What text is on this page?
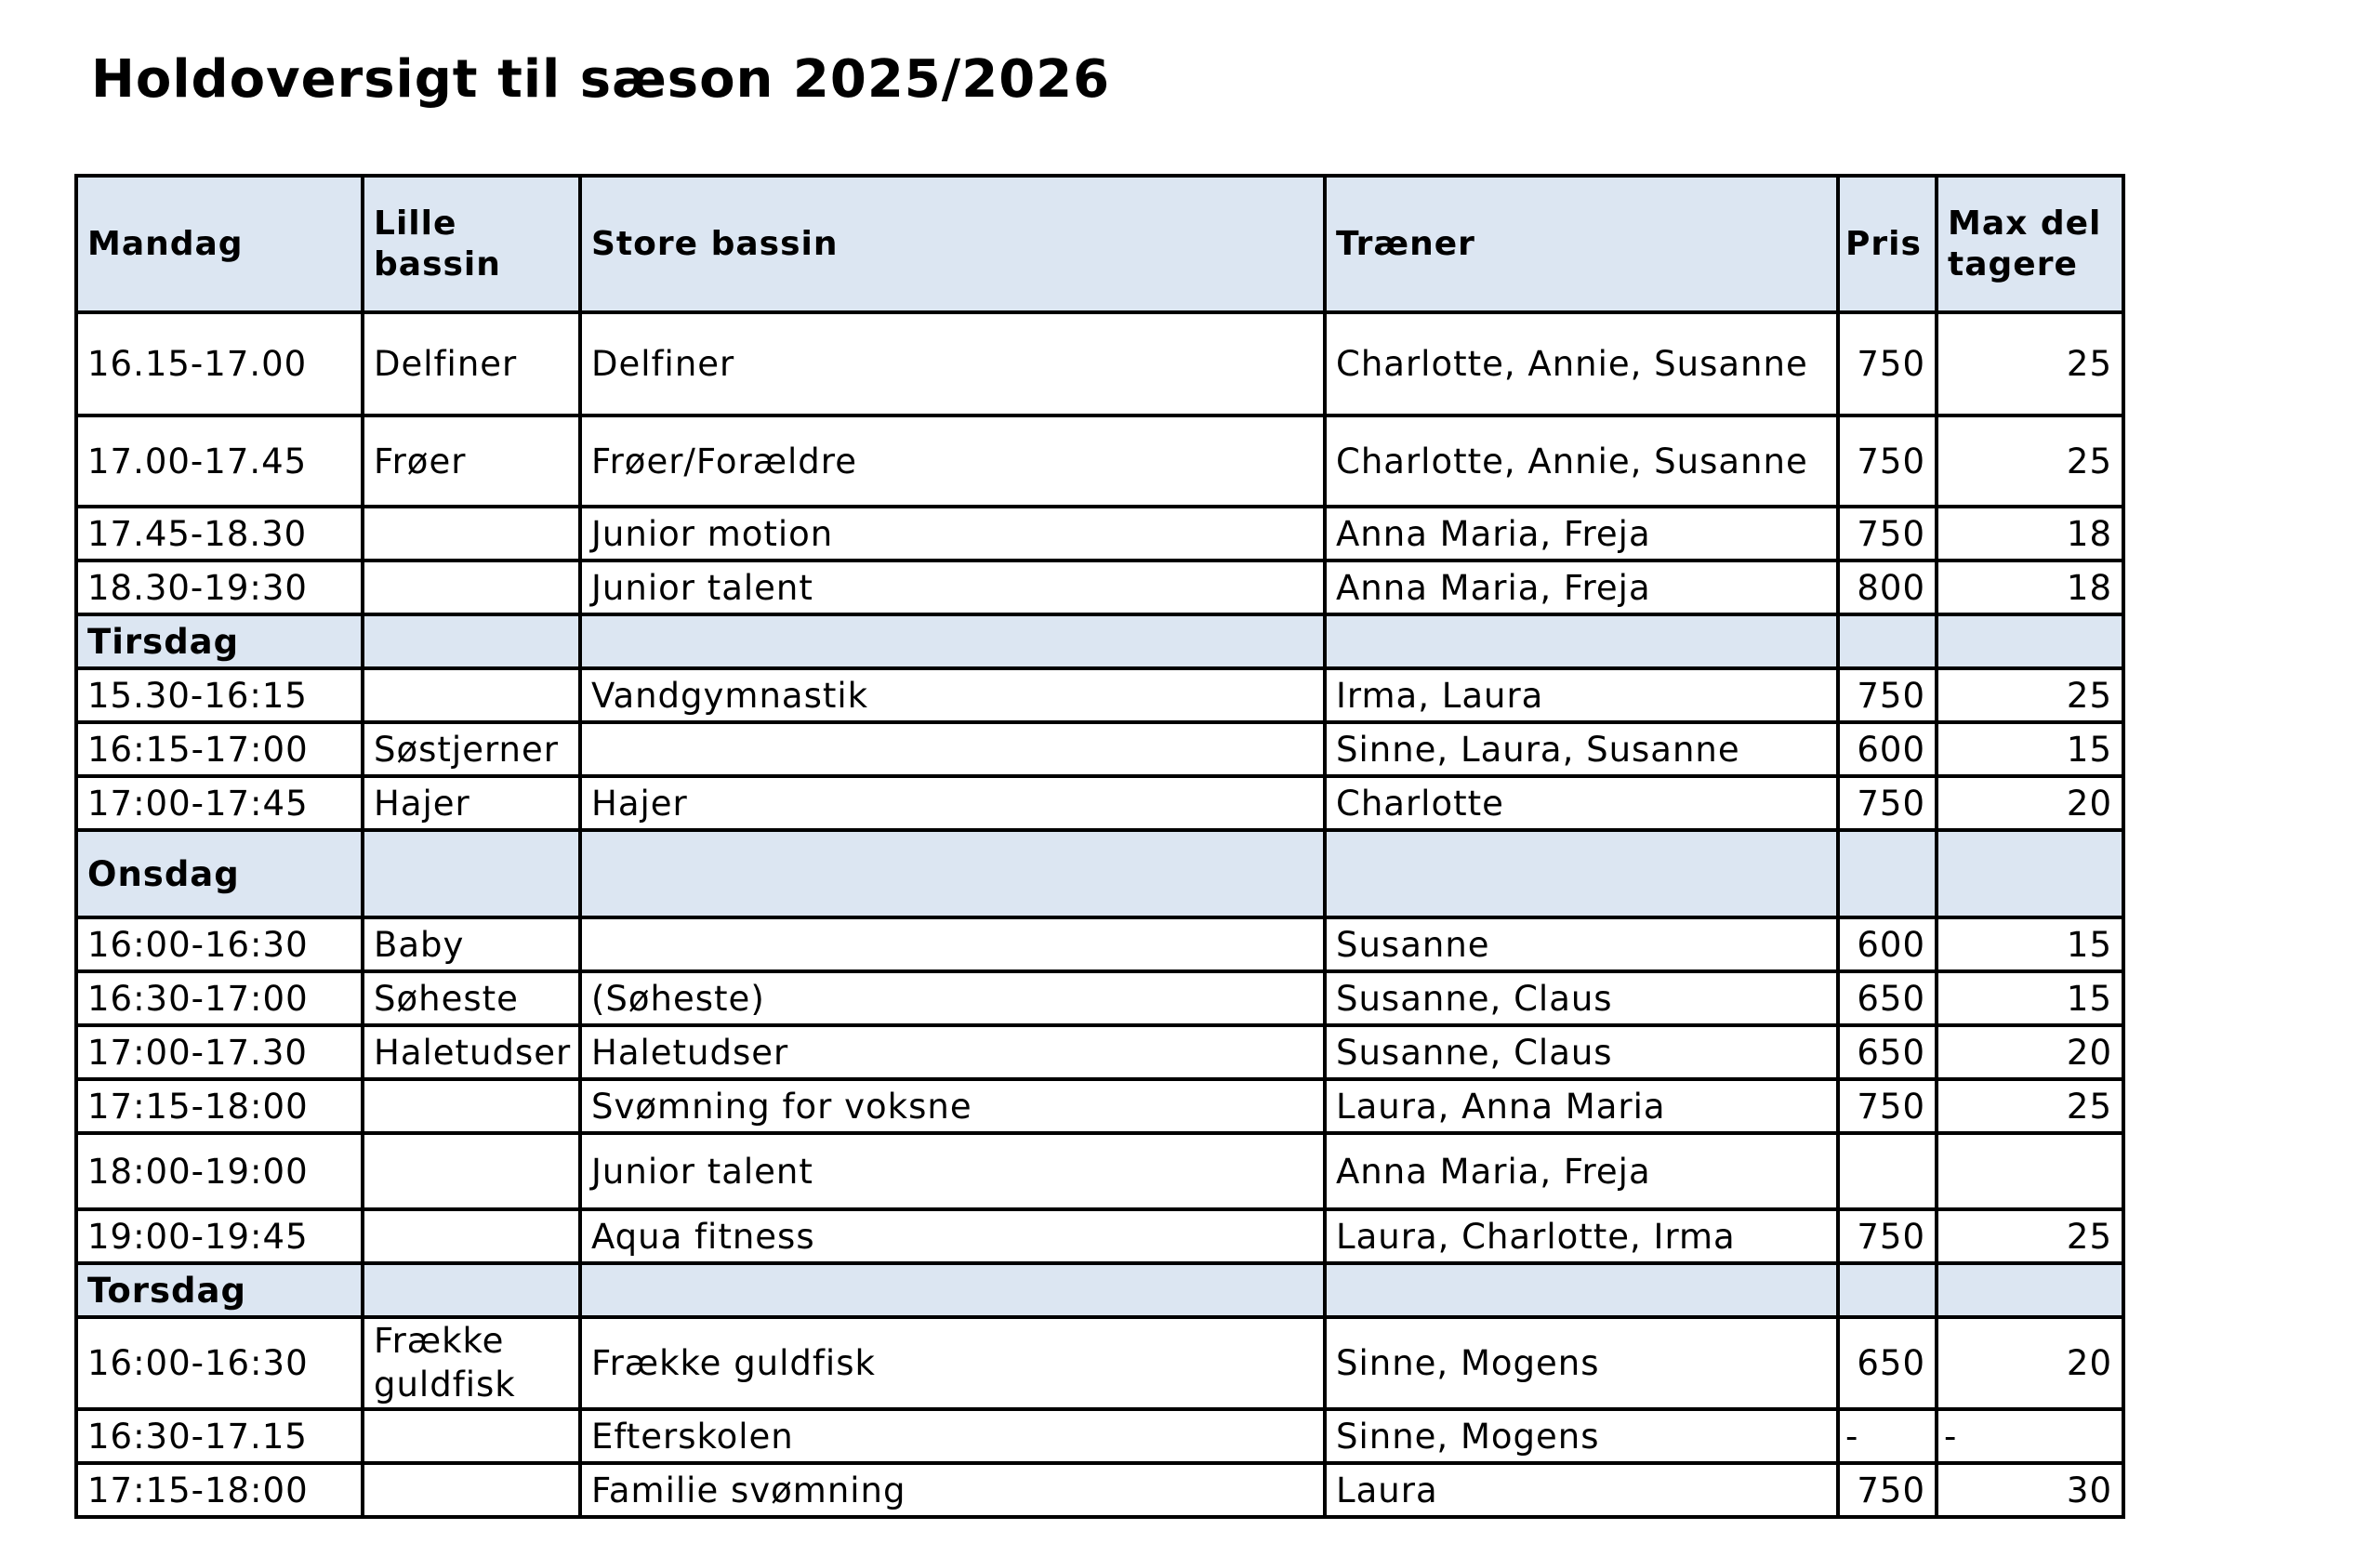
Holdoversigt til sæson 2025/2026
Mandag	Lille bassin	Store bassin	Træner	Pris	Max deltagere
16.15-17.00	Delfiner	Delfiner	Charlotte, Annie, Susanne	750	25
17.00-17.45	Frøer	Frøer/Forældre	Charlotte, Annie, Susanne	750	25
17.45-18.30		Junior motion	Anna Maria, Freja	750	18
18.30-19:30		Junior talent	Anna Maria, Freja	800	18
Tirsdag					
15.30-16:15		Vandgymnastik	Irma, Laura	750	25
16:15-17:00	Søstjerner		Sinne, Laura, Susanne	600	15
17:00-17:45	Hajer	Hajer	Charlotte	750	20
Onsdag					
16:00-16:30	Baby		Susanne	600	15
16:30-17:00	Søheste	(Søheste)	Susanne, Claus	650	15
17:00-17.30	Haletudser	Haletudser	Susanne, Claus	650	20
17:15-18:00		Svømning for voksne	Laura, Anna Maria	750	25
18:00-19:00		Junior talent	Anna Maria, Freja		
19:00-19:45		Aqua fitness	Laura, Charlotte, Irma	750	25
Torsdag					
16:00-16:30	Frække guldfisk	Frække guldfisk	Sinne, Mogens	650	20
16:30-17.15		Efterskolen	Sinne, Mogens	-	-
17:15-18:00		Familie svømning	Laura	750	30
